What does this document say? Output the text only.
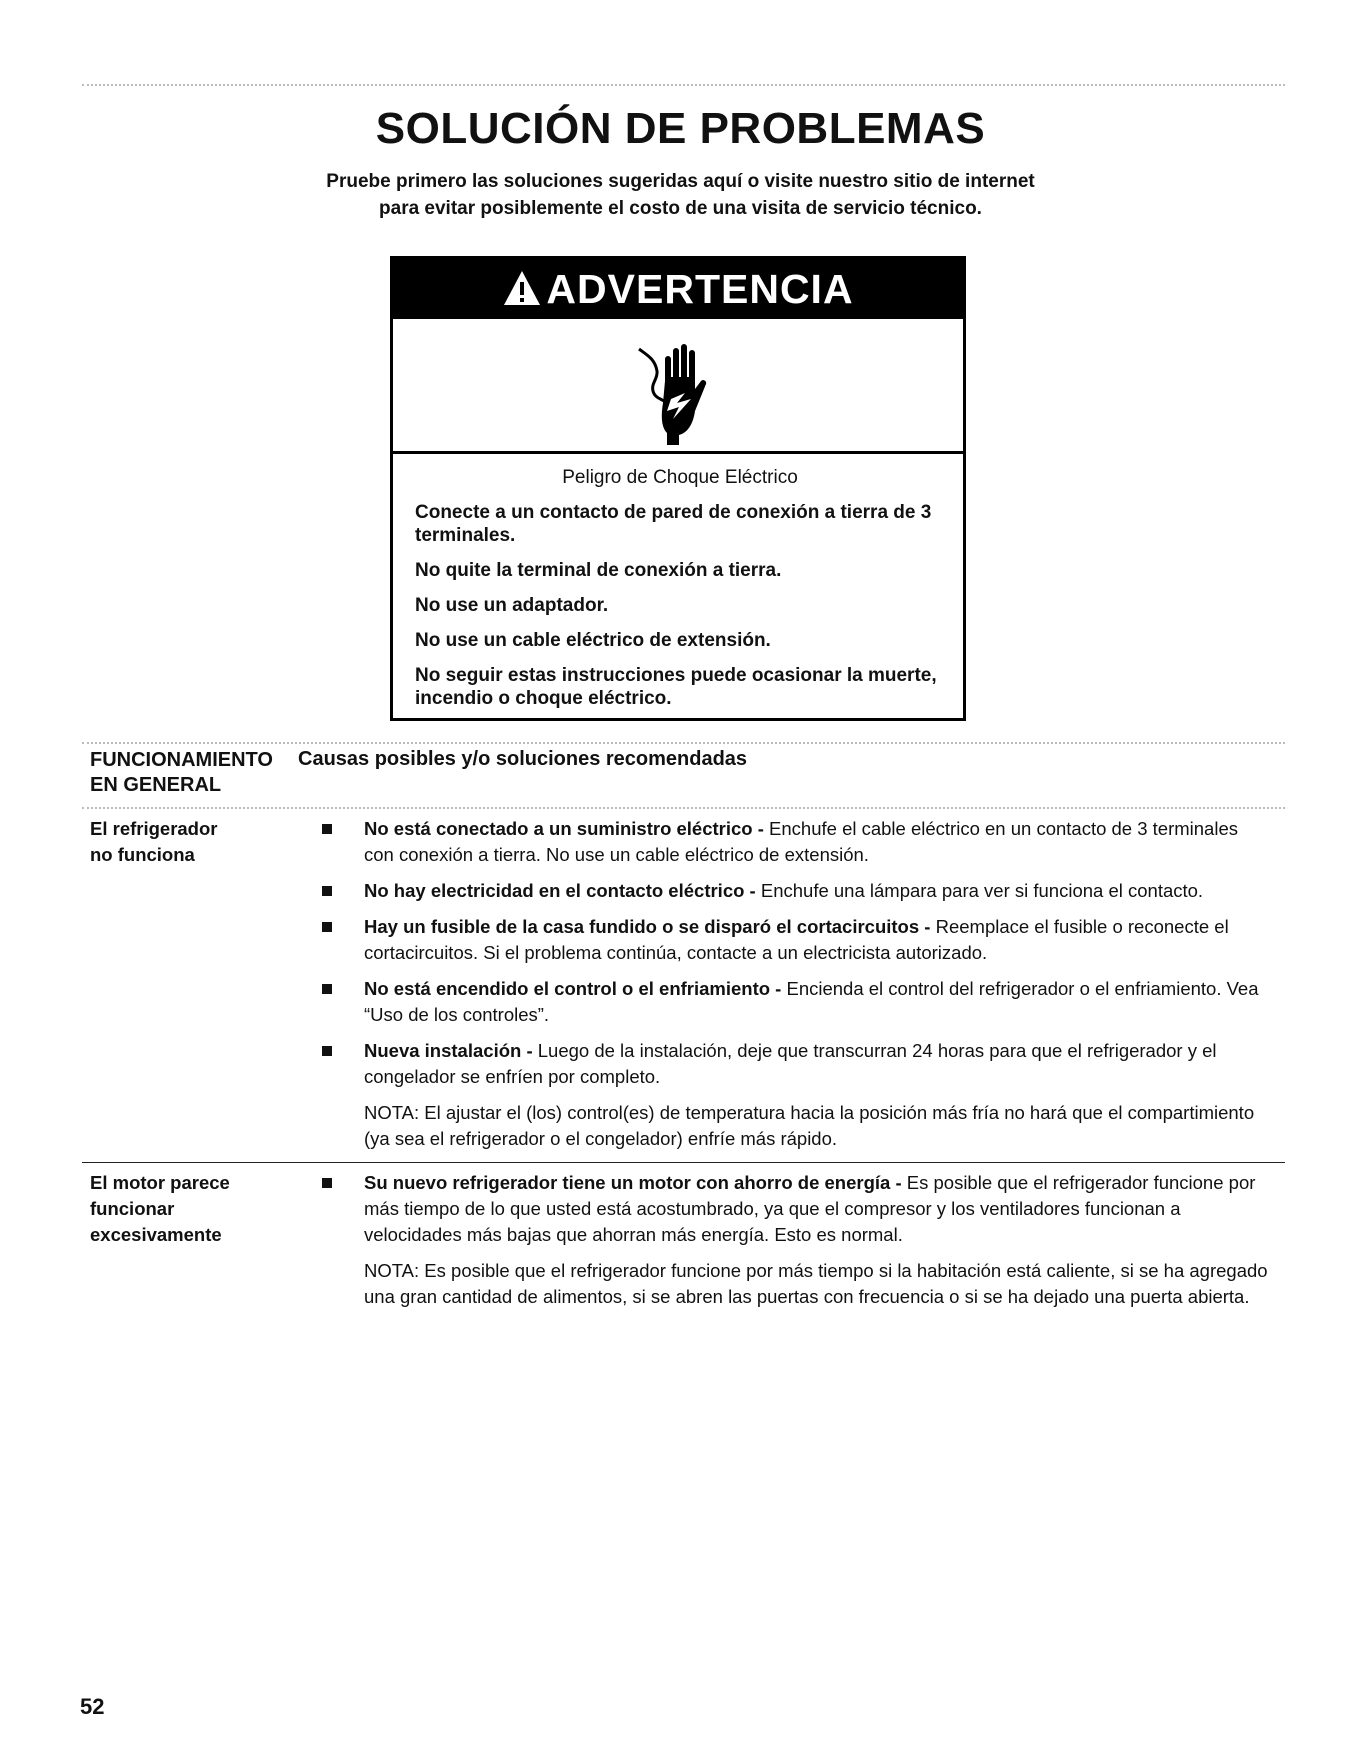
SOLUCIÓN DE PROBLEMAS
Pruebe primero las soluciones sugeridas aquí o visite nuestro sitio de internet
para evitar posiblemente el costo de una visita de servicio técnico.
ADVERTENCIA
Peligro de Choque Eléctrico

Conecte a un contacto de pared de conexión a tierra de 3 terminales.

No quite la terminal de conexión a tierra.

No use un adaptador.

No use un cable eléctrico de extensión.

No seguir estas instrucciones puede ocasionar la muerte, incendio o choque eléctrico.

FUNCIONAMIENTO
EN GENERAL
Causas posibles y/o soluciones recomendadas
El refrigerador
no funciona
No está conectado a un suministro eléctrico - Enchufe el cable eléctrico en un contacto de 3 terminales con conexión a tierra. No use un cable eléctrico de extensión.
No hay electricidad en el contacto eléctrico - Enchufe una lámpara para ver si funciona el contacto.
Hay un fusible de la casa fundido o se disparó el cortacircuitos - Reemplace el fusible o reconecte el cortacircuitos. Si el problema continúa, contacte a un electricista autorizado.
No está encendido el control o el enfriamiento - Encienda el control del refrigerador o el enfriamiento. Vea “Uso de los controles”.
Nueva instalación - Luego de la instalación, deje que transcurran 24 horas para que el refrigerador y el congelador se enfríen por completo.
NOTA: El ajustar el (los) control(es) de temperatura hacia la posición más fría no hará que el compartimiento (ya sea el refrigerador o el congelador) enfríe más rápido.
El motor parece
funcionar
excesivamente
Su nuevo refrigerador tiene un motor con ahorro de energía - Es posible que el refrigerador funcione por más tiempo de lo que usted está acostumbrado, ya que el compresor y los ventiladores funcionan a velocidades más bajas que ahorran más energía. Esto es normal.
NOTA: Es posible que el refrigerador funcione por más tiempo si la habitación está caliente, si se ha agregado una gran cantidad de alimentos, si se abren las puertas con frecuencia o si se ha dejado una puerta abierta.
52
